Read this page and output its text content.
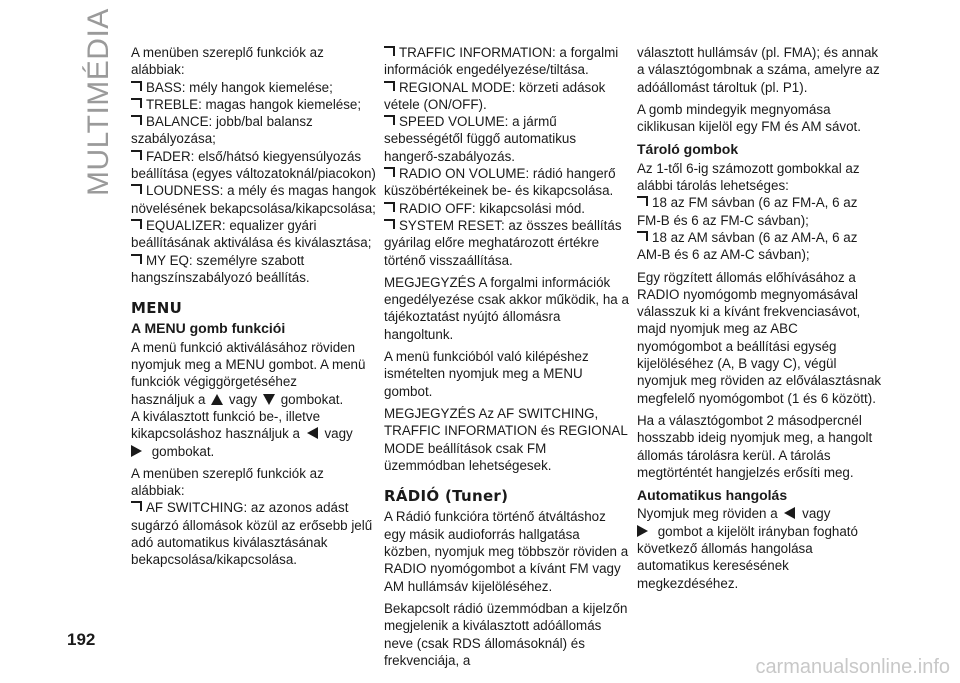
MULTIMÉDIA A menüben szereplő funkciók az alábbiak:

BASS: mély hangok kiemelése;

TREBLE: magas hangok kiemelése;

BALANCE: jobb/bal balansz szabályozása;

FADER: első/hátsó kiegyensúlyozás beállítása (egyes változatoknál/piacokon)

LOUDNESS: a mély és magas hangok növelésének bekapcsolása/kikapcsolása;

EQUALIZER: equalizer gyári beállításának aktiválása és kiválasztása;

MY EQ: személyre szabott hangszínszabályozó beállítás.

MENU
A MENU gomb funkciói

A menü funkció aktiválásához röviden nyomjuk meg a MENU gombot. A menü funkciók végiggörgetéséhez

használjuk a vagy gombokat.

A kiválasztott funkció be-, illetve kikapcsoláshoz használjuk a vagy
gombokat.

A menüben szereplő funkciók az alábbiak:

AF SWITCHING: az azonos adást sugárzó állomások közül az erősebb jelű adó automatikus kiválasztásának bekapcsolása/kikapcsolása.

TRAFFIC INFORMATION: a forgalmi információk engedélyezése/tiltása.

REGIONAL MODE: körzeti adások vétele (ON/OFF).

SPEED VOLUME: a jármű sebességétől függő automatikus hangerő-szabályozás.

RADIO ON VOLUME: rádió hangerő küszöbértékeinek be- és kikapcsolása.

RADIO OFF: kikapcsolási mód.

SYSTEM RESET: az összes beállítás gyárilag előre meghatározott értékre történő visszaállítása.

MEGJEGYZÉS A forgalmi információk engedélyezése csak akkor működik, ha a tájékoztatást nyújtó állomásra hangoltunk.

A menü funkcióból való kilépéshez ismételten nyomjuk meg a MENU gombot.

MEGJEGYZÉS Az AF SWITCHING, TRAFFIC INFORMATION és REGIONAL MODE beállítások csak FM üzemmódban lehetségesek.

RÁDIÓ (Tuner)

A Rádió funkcióra történő átváltáshoz egy másik audioforrás hallgatása közben, nyomjuk meg többször röviden a RADIO nyomógombot a kívánt FM vagy AM hullámsáv kijelöléséhez.

Bekapcsolt rádió üzemmódban a kijelzőn megjelenik a kiválasztott adóállomás neve (csak RDS állomásoknál) és frekvenciája, a

választott hullámsáv (pl. FMA); és annak a választógombnak a száma, amelyre az adóállomást tároltuk (pl. P1).

A gomb mindegyik megnyomása ciklikusan kijelöl egy FM és AM sávot.

Tároló gombok

Az 1-től 6-ig számozott gombokkal az alábbi tárolás lehetséges:

18 az FM sávban (6 az FM-A, 6 az FM-B és 6 az FM-C sávban);

18 az AM sávban (6 az AM-A, 6 az AM-B és 6 az AM-C sávban);

Egy rögzített állomás előhívásához a RADIO nyomógomb megnyomásával válasszuk ki a kívánt frekvenciasávot, majd nyomjuk meg az ABC nyomógombot a beállítási egység kijelöléséhez (A, B vagy C), végül nyomjuk meg röviden az előválasztásnak megfelelő nyomógombot (1 és 6 között).

Ha a választógombot 2 másodpercnél hosszabb ideig nyomjuk meg, a hangolt állomás tárolásra kerül. A tárolás megtörténtét hangjelzés erősíti meg.

Automatikus hangolás

Nyomjuk meg röviden a vagy
gombot a kijelölt irányban fogható következő állomás hangolása automatikus keresésének megkezdéséhez.

192
carmanualsonline.info
